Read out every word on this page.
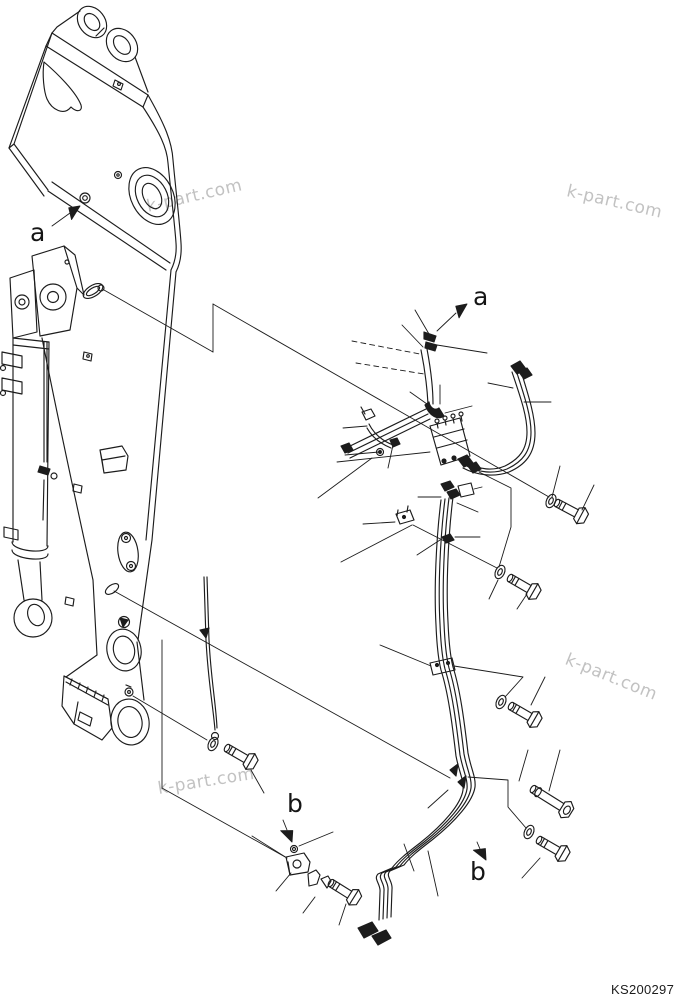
k-part.com	k-part.com
k-part.com
k-part.com
a
a
b
b
KS200297
